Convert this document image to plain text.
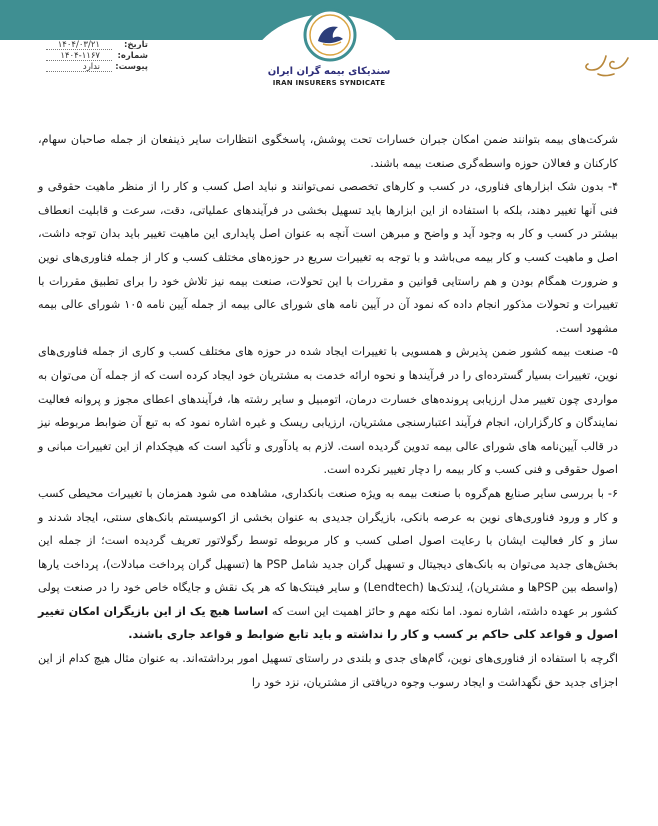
سندیکای بیمه گران ایران
IRAN INSURERS SYNDICATE
تاریخ:
۱۴۰۴/۰۳/۲۱
شماره:
۱۴۰۴-۱۱۶۷
پیوست:
ندارد

شرکت‌های بیمه بتوانند ضمن امکان جبران خسارات تحت پوشش، پاسخگوی انتظارات سایر ذینفعان از جمله صاحبان سهام، کارکنان و فعالان حوزه واسطه‌گری صنعت بیمه باشند.

۴- بدون شک ابزارهای فناوری، در کسب و کارهای تخصصی نمی‌توانند و نباید اصل کسب و کار را از منظر ماهیت حقوقی و فنی آنها تغییر دهند، بلکه با استفاده از این ابزارها باید تسهیل بخشی در فرآیندهای عملیاتی، دقت، سرعت و قابلیت انعطاف بیشتر در کسب و کار به وجود آید و واضح و مبرهن است آنچه به عنوان اصل پایداری این ماهیت تغییر باید بدان توجه داشت، اصل و ماهیت کسب و کار بیمه می‌باشد و با توجه به تغییرات سریع در حوزه‌های مختلف کسب و کار از جمله فناوری‌های نوین و ضرورت همگام بودن و هم راستایی قوانین و مقررات با این تحولات، صنعت بیمه نیز تلاش خود را برای تطبیق مقررات با تغییرات و تحولات مذکور انجام داده که نمود آن در آیین نامه های شورای عالی بیمه از جمله آیین نامه ۱۰۵ شورای عالی بیمه مشهود است.

۵- صنعت بیمه کشور ضمن پذیرش و همسویی با تغییرات ایجاد شده در حوزه های مختلف کسب و کاری از جمله فناوری‌های نوین، تغییرات بسیار گسترده‌ای را در فرآیندها و نحوه ارائه خدمت به مشتریان خود ایجاد کرده است که از جمله آن می‌توان به مواردی چون تغییر مدل ارزیابی پرونده‌های خسارت درمان، اتومبیل و سایر رشته ها، فرآیندهای اعطای مجوز و پروانه فعالیت نمایندگان و کارگزاران، انجام فرآیند اعتبارسنجی مشتریان، ارزیابی ریسک و غیره اشاره نمود که به تبع آن ضوابط مربوطه نیز در قالب آیین‌نامه های شورای عالی بیمه تدوین گردیده است. لازم به یادآوری و تأکید است که هیچکدام از این تغییرات مبانی و اصول حقوقی و فنی کسب و کار بیمه را دچار تغییر نکرده است.

۶- با بررسی سایر صنایع هم‌گروه با صنعت بیمه به ویژه صنعت بانکداری، مشاهده می شود همزمان با تغییرات محیطی کسب و کار و ورود فناوری‌های نوین به عرصه بانکی، بازیگران جدیدی به عنوان بخشی از اکوسیستم بانک‌های سنتی، ایجاد شدند و ساز و کار فعالیت ایشان با رعایت اصول اصلی کسب و کار مربوطه توسط رگولاتور تعریف گردیده است؛ از جمله این بخش‌های جدید می‌توان به بانک‌های دیجیتال و تسهیل گران جدید شامل PSP ها (تسهیل گران پرداخت مبادلات)، پرداخت یارها (واسطه بین PSP‌ها و مشتریان)، لِندتک‌ها (Lendtech) و سایر فینتک‌ها که هر یک نقش و جایگاه خاص خود را در صنعت پولی کشور بر عهده داشته، اشاره نمود. اما نکته مهم و حائز اهمیت این است که اساسا هیچ یک از این بازیگران امکان تغییر اصول و قواعد کلی حاکم بر کسب و کار را نداشته و باید تابع ضوابط و قواعد جاری باشند.

اگرچه با استفاده از فناوری‌های نوین، گام‌های جدی و بلندی در راستای تسهیل امور برداشته‌اند. به عنوان مثال هیچ کدام از این اجزای جدید حق نگهداشت و ایجاد رسوب وجوه دریافتی از مشتریان، نزد خود را
